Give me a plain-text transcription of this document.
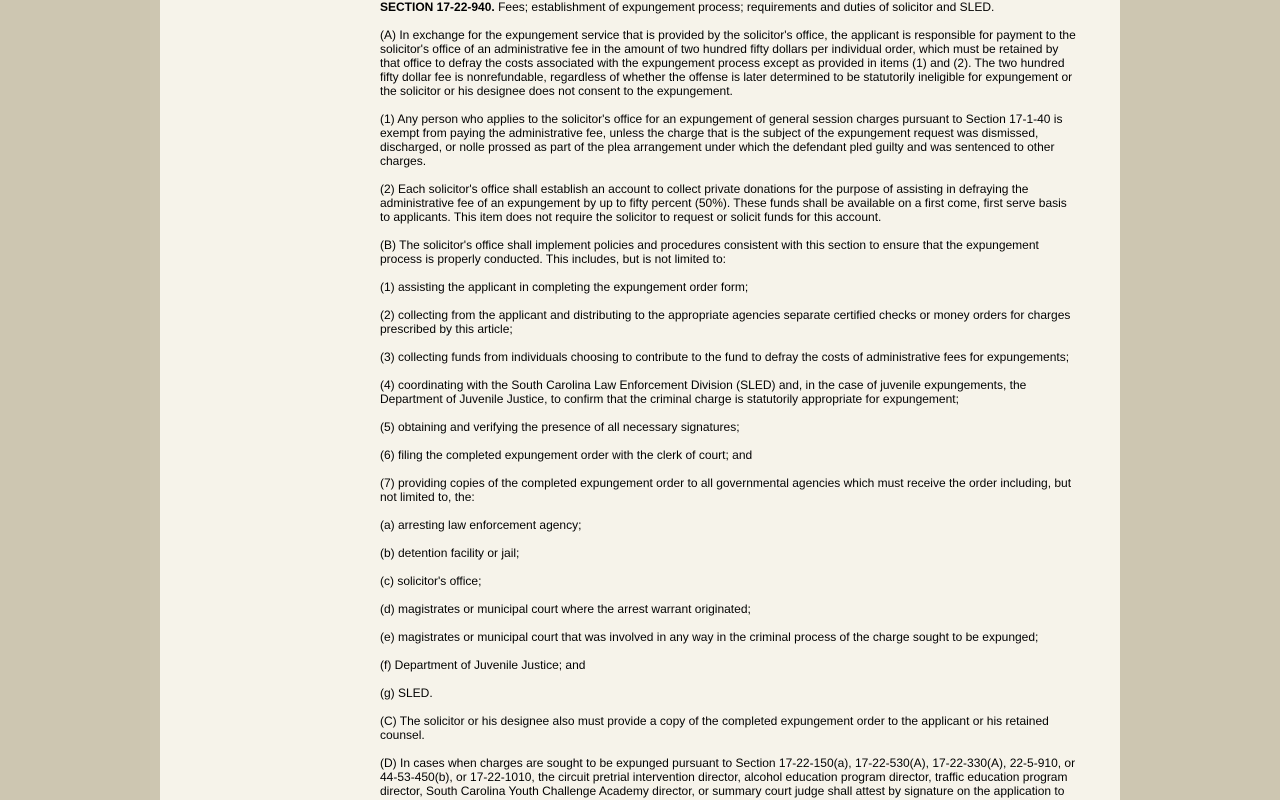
SECTION 17-22-940. Fees; establishment of expungement process; requirements and duties of solicitor and SLED.

(A) In exchange for the expungement service that is provided by the solicitor's office, the applicant is responsible for payment to the solicitor's office of an administrative fee in the amount of two hundred fifty dollars per individual order, which must be retained by that office to defray the costs associated with the expungement process except as provided in items (1) and (2). The two hundred fifty dollar fee is nonrefundable, regardless of whether the offense is later determined to be statutorily ineligible for expungement or the solicitor or his designee does not consent to the expungement.

(1) Any person who applies to the solicitor's office for an expungement of general session charges pursuant to Section 17-1-40 is exempt from paying the administrative fee, unless the charge that is the subject of the expungement request was dismissed, discharged, or nolle prossed as part of the plea arrangement under which the defendant pled guilty and was sentenced to other charges.

(2) Each solicitor's office shall establish an account to collect private donations for the purpose of assisting in defraying the administrative fee of an expungement by up to fifty percent (50%). These funds shall be available on a first come, first serve basis to applicants. This item does not require the solicitor to request or solicit funds for this account.

(B) The solicitor's office shall implement policies and procedures consistent with this section to ensure that the expungement process is properly conducted. This includes, but is not limited to:

(1) assisting the applicant in completing the expungement order form;

(2) collecting from the applicant and distributing to the appropriate agencies separate certified checks or money orders for charges prescribed by this article;

(3) collecting funds from individuals choosing to contribute to the fund to defray the costs of administrative fees for expungements;

(4) coordinating with the South Carolina Law Enforcement Division (SLED) and, in the case of juvenile expungements, the Department of Juvenile Justice, to confirm that the criminal charge is statutorily appropriate for expungement;

(5) obtaining and verifying the presence of all necessary signatures;

(6) filing the completed expungement order with the clerk of court; and

(7) providing copies of the completed expungement order to all governmental agencies which must receive the order including, but not limited to, the:

(a) arresting law enforcement agency;

(b) detention facility or jail;

(c) solicitor's office;

(d) magistrates or municipal court where the arrest warrant originated;

(e) magistrates or municipal court that was involved in any way in the criminal process of the charge sought to be expunged;

(f) Department of Juvenile Justice; and

(g) SLED.

(C) The solicitor or his designee also must provide a copy of the completed expungement order to the applicant or his retained counsel.

(D) In cases when charges are sought to be expunged pursuant to Section 17-22-150(a), 17-22-530(A), 17-22-330(A), 22-5-910, or 44-53-450(b), or 17-22-1010, the circuit pretrial intervention director, alcohol education program director, traffic education program director, South Carolina Youth Challenge Academy director, or summary court judge shall attest by signature on the application to
